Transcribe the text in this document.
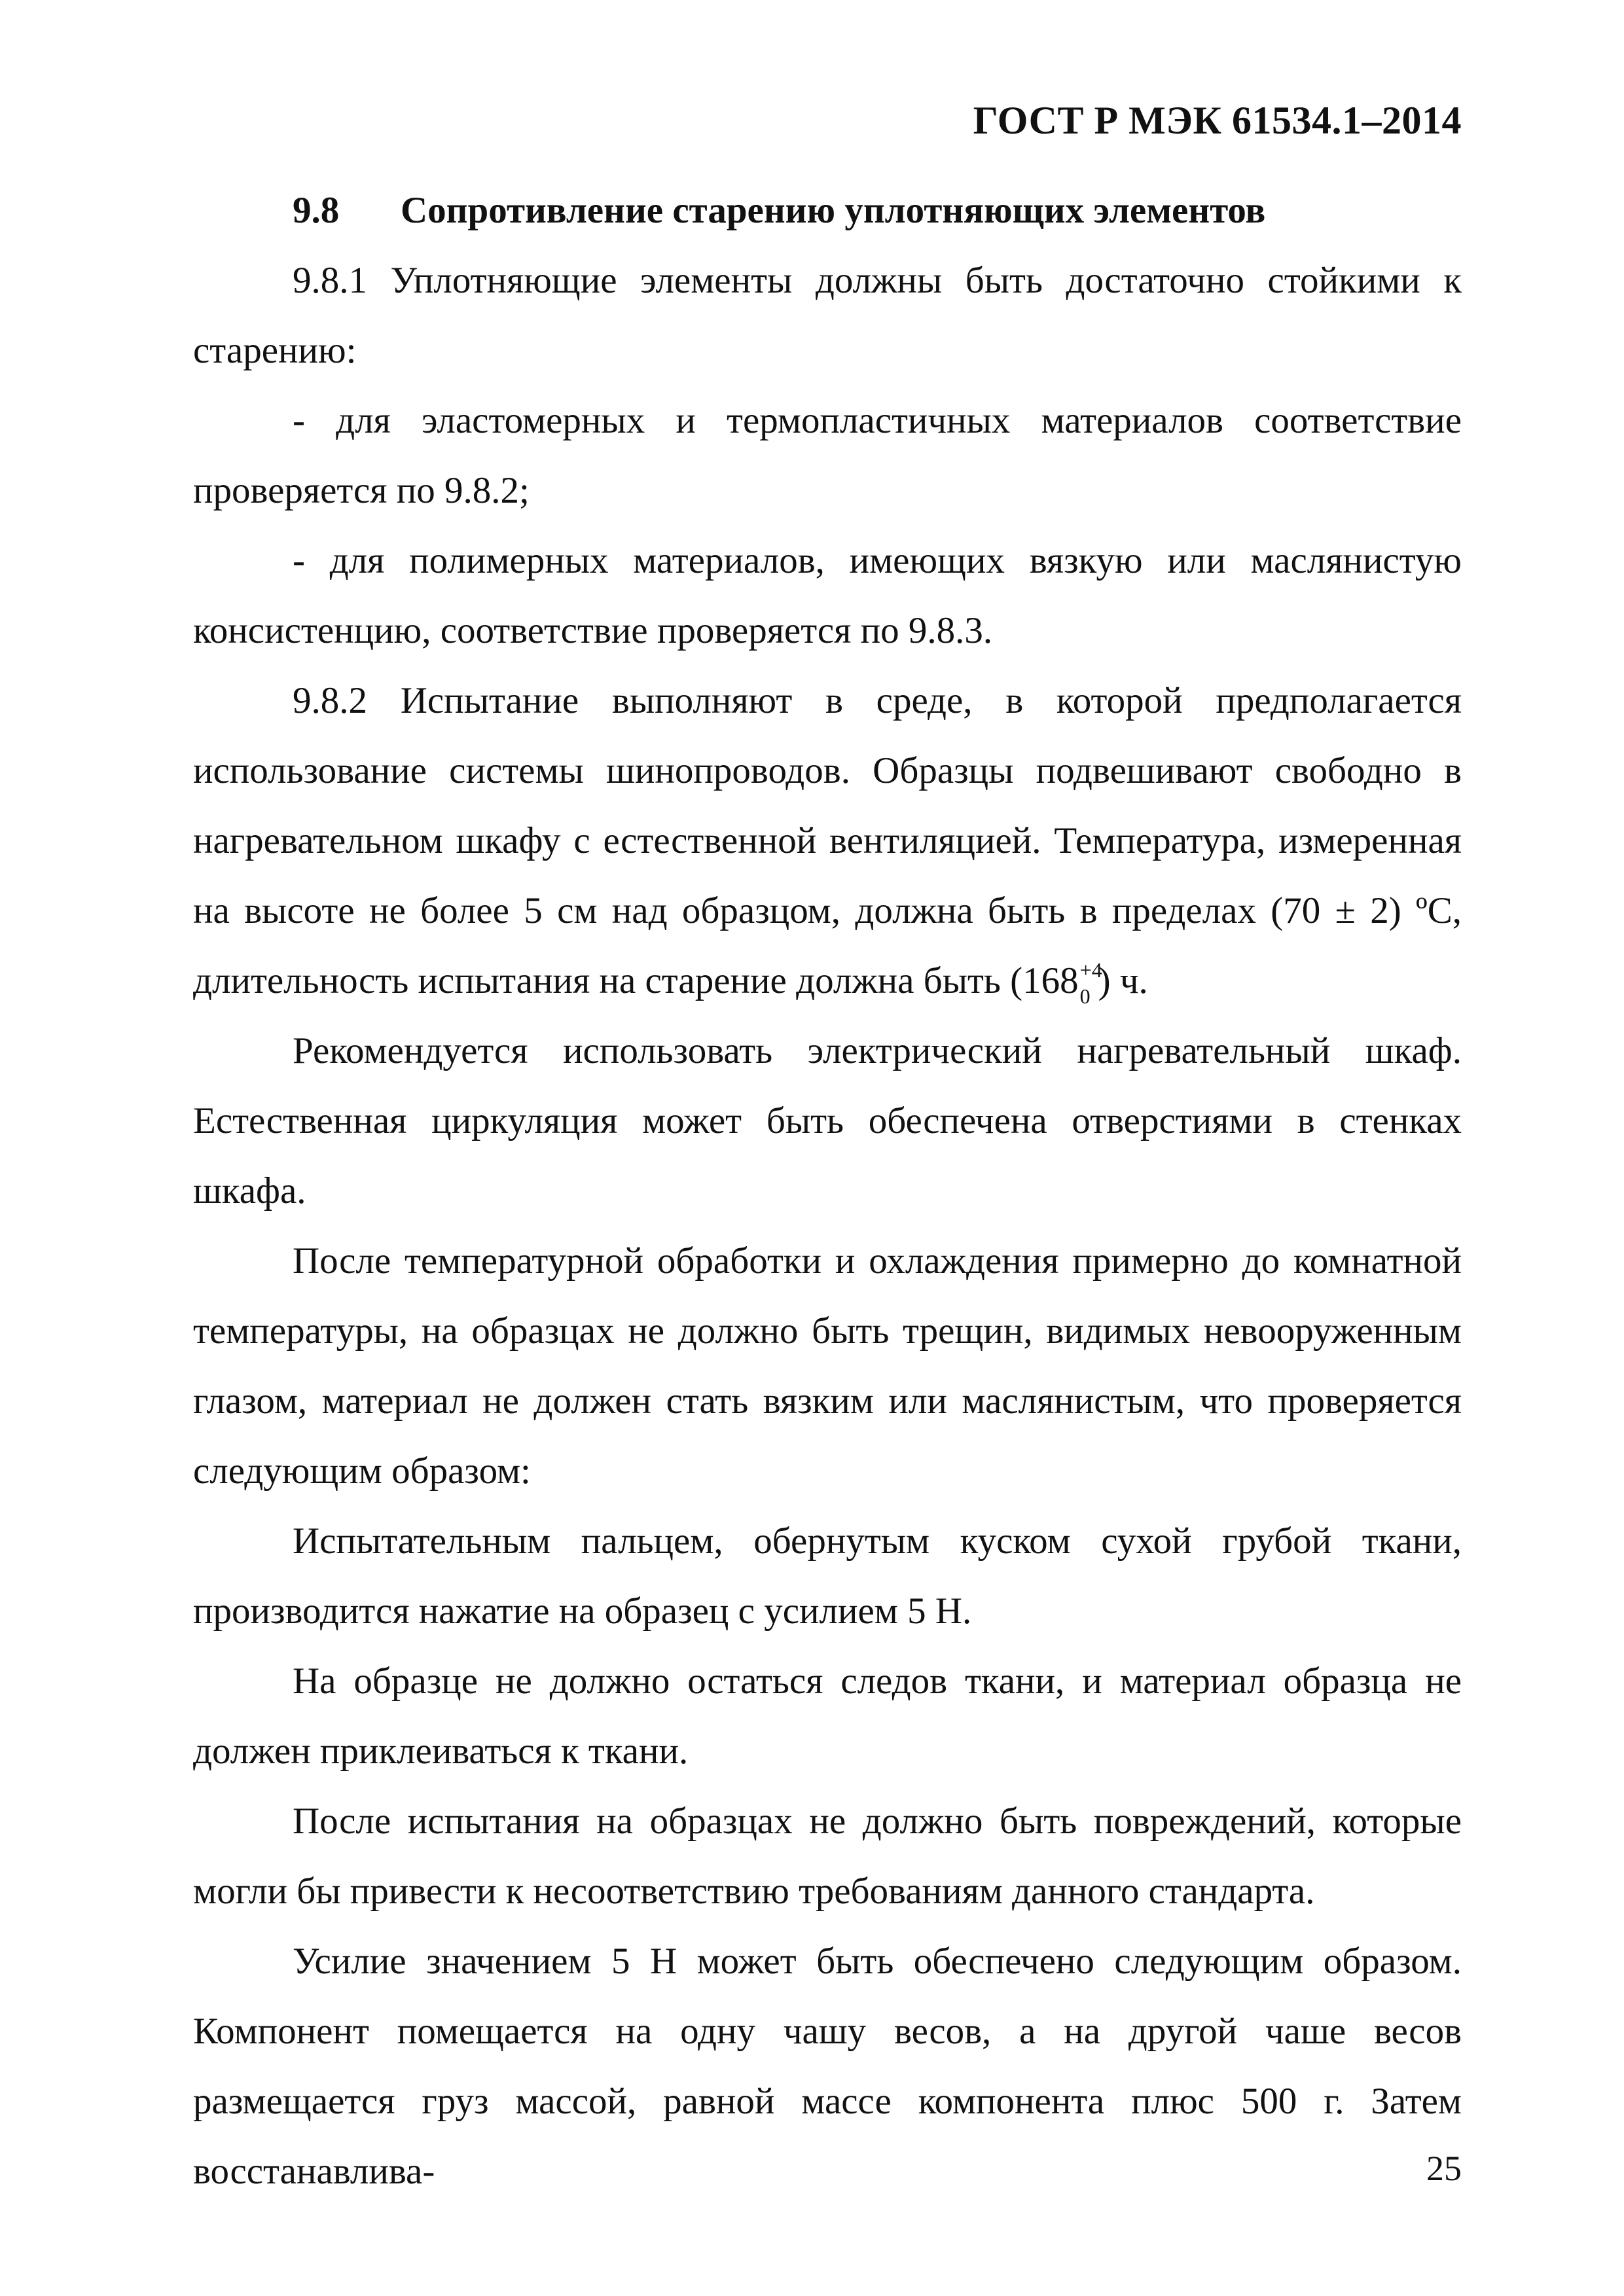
ГОСТ Р МЭК 61534.1–2014

9.8 Сопротивление старению уплотняющих элементов

9.8.1 Уплотняющие элементы должны быть достаточно стойкими к старению:

- для эластомерных и термопластичных материалов соответствие проверяется по 9.8.2;

- для полимерных материалов, имеющих вязкую или маслянистую консистенцию, соответствие проверяется по 9.8.3.

9.8.2 Испытание выполняют в среде, в которой предполагается использование системы шинопроводов. Образцы подвешивают свободно в нагревательном шкафу с естественной вентиляцией. Температура, измеренная на высоте не более 5 см над образцом, должна быть в пределах (70 ± 2) ºС, длительность испытания на старение должна быть (168 +4
0 ) ч.

Рекомендуется использовать электрический нагревательный шкаф. Естественная циркуляция может быть обеспечена отверстиями в стенках шкафа.

После температурной обработки и охлаждения примерно до комнатной температуры, на образцах не должно быть трещин, видимых невооруженным глазом, материал не должен стать вязким или маслянистым, что проверяется следующим образом:

Испытательным пальцем, обернутым куском сухой грубой ткани, производится нажатие на образец с усилием 5 Н.

На образце не должно остаться следов ткани, и материал образца не должен приклеиваться к ткани.

После испытания на образцах не должно быть повреждений, которые могли бы привести к несоответствию требованиям данного стандарта.

Усилие значением 5 Н может быть обеспечено следующим образом. Компонент помещается на одну чашу весов, а на другой чаше весов размещается груз массой, равной массе компонента плюс 500 г. Затем восстанавлива-	25
